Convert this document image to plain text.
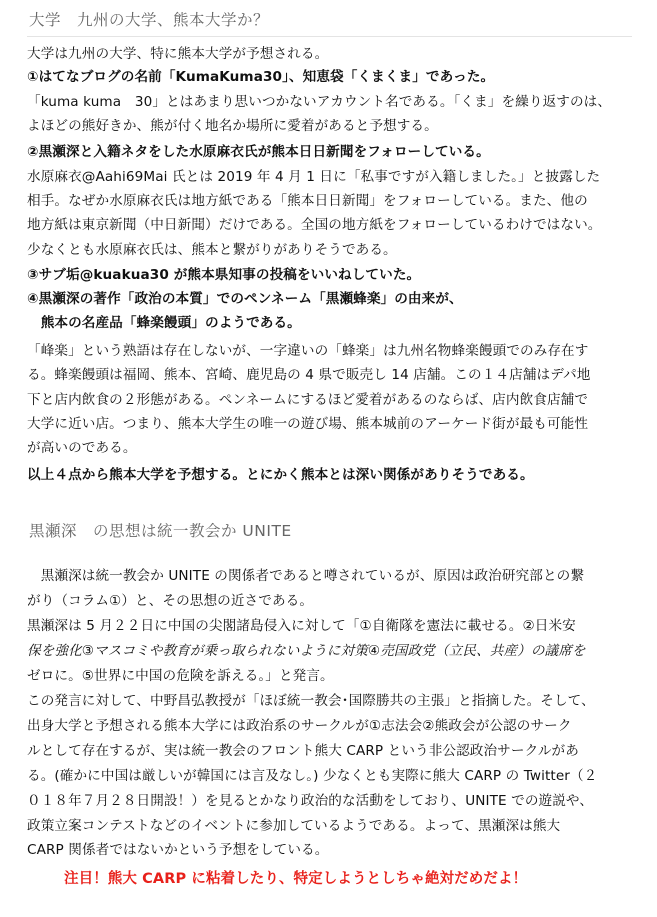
大学　九州の大学、熊本大学か？
大学は九州の大学、特に熊本大学が予想される。
①はてなブログの名前「KumaKuma30」、知恵袋「くまくま」であった。
「kuma kuma　30」とはあまり思いつかないアカウント名である。「くま」を繰り返すのは、
よほどの熊好きか、熊が付く地名か場所に愛着があると予想する。
②黒瀬深と入籍ネタをした水原麻衣氏が熊本日日新聞をフォローしている。
水原麻衣@Aahi69Mai 氏とは 2019 年 4 月 1 日に「私事ですが入籍しました。」と披露した
相手。なぜか水原麻衣氏は地方紙である「熊本日日新聞」をフォローしている。また、他の
地方紙は東京新聞（中日新聞）だけである。全国の地方紙をフォローしているわけではない。
少なくとも水原麻衣氏は、熊本と繋がりがありそうである。
③サブ垢@kuakua30 が熊本県知事の投稿をいいねしていた。
④黒瀬深の著作「政治の本質」でのペンネーム「黒瀬蜂楽」の由来が、
　熊本の名産品「蜂楽饅頭」のようである。
「峰楽」という熟語は存在しないが、一字違いの「蜂楽」は九州名物蜂楽饅頭でのみ存在す
る。蜂楽饅頭は福岡、熊本、宮崎、鹿児島の 4 県で販売し 14 店舗。この１４店舗はデパ地
下と店内飲食の２形態がある。ペンネームにするほど愛着があるのならば、店内飲食店舗で
大学に近い店。つまり、熊本大学生の唯一の遊び場、熊本城前のアーケード街が最も可能性
が高いのである。
以上４点から熊本大学を予想する。とにかく熊本とは深い関係がありそうである。
黒瀬深　の思想は統一教会か UNITE
　黒瀬深は統一教会か UNITE の関係者であると噂されているが、原因は政治研究部との繋
がり（コラム①）と、その思想の近さである。
黒瀬深は 5 月２２日に中国の尖閣諸島侵入に対して「①自衛隊を憲法に載せる。②日米安
保を強化③マスコミや教育が乗っ取られないように対策④売国政党（立民、共産）の議席を
ゼロに。⑤世界に中国の危険を訴える。」と発言。
この発言に対して、中野昌弘教授が「ほぼ統一教会･国際勝共の主張」と指摘した。そして、
出身大学と予想される熊本大学には政治系のサークルが①志法会②熊政会が公認のサーク
ルとして存在するが、実は統一教会のフロント熊大 CARP という非公認政治サークルがあ
る。(確かに中国は厳しいが韓国には言及なし。) 少なくとも実際に熊大 CARP の Twitter（２
０１８年７月２８日開設！）を見るとかなり政治的な活動をしており、UNITE での遊説や、
政策立案コンテストなどのイベントに参加しているようである。よって、黒瀬深は熊大
CARP 関係者ではないかという予想をしている。
注目！熊大 CARP に粘着したり、特定しようとしちゃ絶対だめだよ！
